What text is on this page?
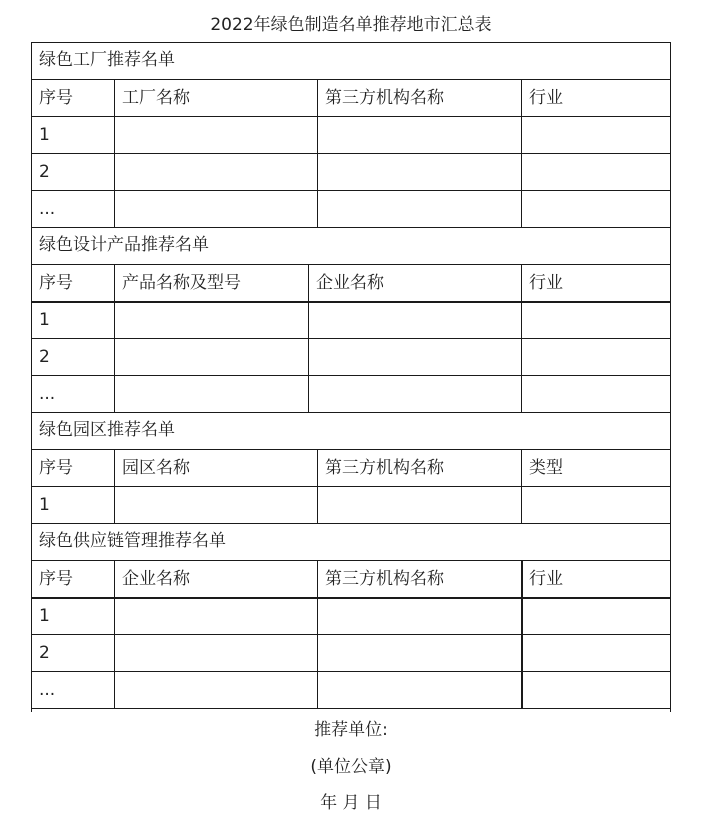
2022年绿色制造名单推荐地市汇总表
绿色工厂推荐名单
序号	工厂名称	第三方机构名称	行业
1
2
...
绿色设计产品推荐名单
序号	产品名称及型号	企业名称	行业
1
2
...
绿色园区推荐名单
序号	园区名称	第三方机构名称	类型
1
绿色供应链管理推荐名单
序号	企业名称	第三方机构名称	行业
1
2
...
推荐单位:
(单位公章)
年 月 日
